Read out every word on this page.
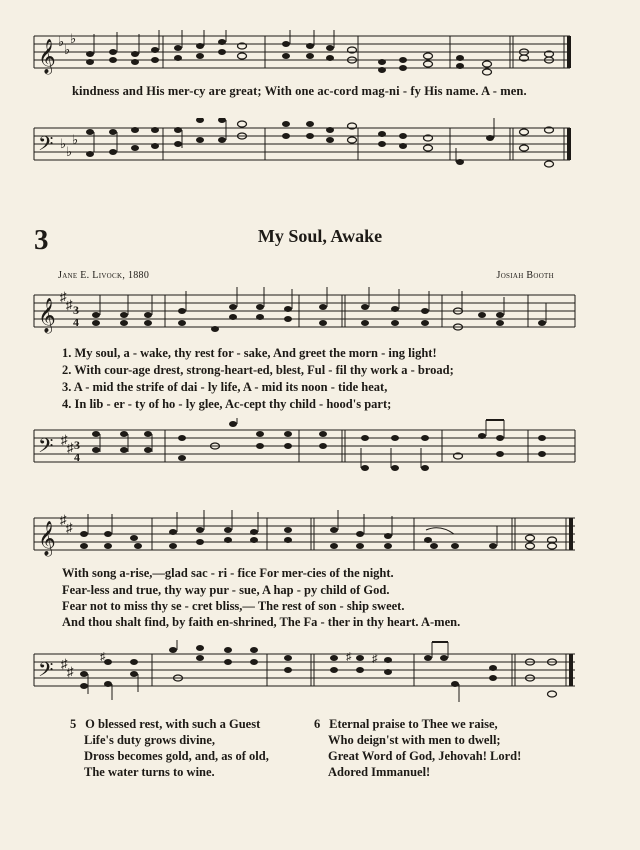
𝄞 ♭
♭
♭
kindness and His mer-cy are great; With one ac-cord mag-ni - fy His name. A - men.
𝄢 ♭
♭
♭
3	My Soul, Awake
Jane E. Livock, 1880	Josiah Booth
𝄞
♯
♯ 3
4
1. My soul, a - wake, thy rest for - sake, And greet the morn - ing light!
2. With cour-age drest, strong-heart-ed, blest, Ful - fil thy work a - broad;
3. A - mid the strife of dai - ly life, A - mid its noon - tide heat,
4. In lib - er - ty of ho - ly glee, Ac-cept thy child - hood's part;
𝄢 ♯
♯ 3
4
𝄞
♯
♯
With song a-rise,—glad sac - ri - fice For mer-cies of the night.
Fear-less and true, thy way pur - sue, A hap - py child of God.
Fear not to miss thy se - cret bliss,— The rest of son - ship sweet.
And thou shalt find, by faith en-shrined, The Fa - ther in thy heart. A-men.
𝄢 ♯
♯
♯	♯ ♯
5 O blessed rest, with such a Guest
Life's duty grows divine,
Dross becomes gold, and, as of old,
The water turns to wine.
6 Eternal praise to Thee we raise,
Who deign'st with men to dwell;
Great Word of God, Jehovah! Lord!
Adored Immanuel!
